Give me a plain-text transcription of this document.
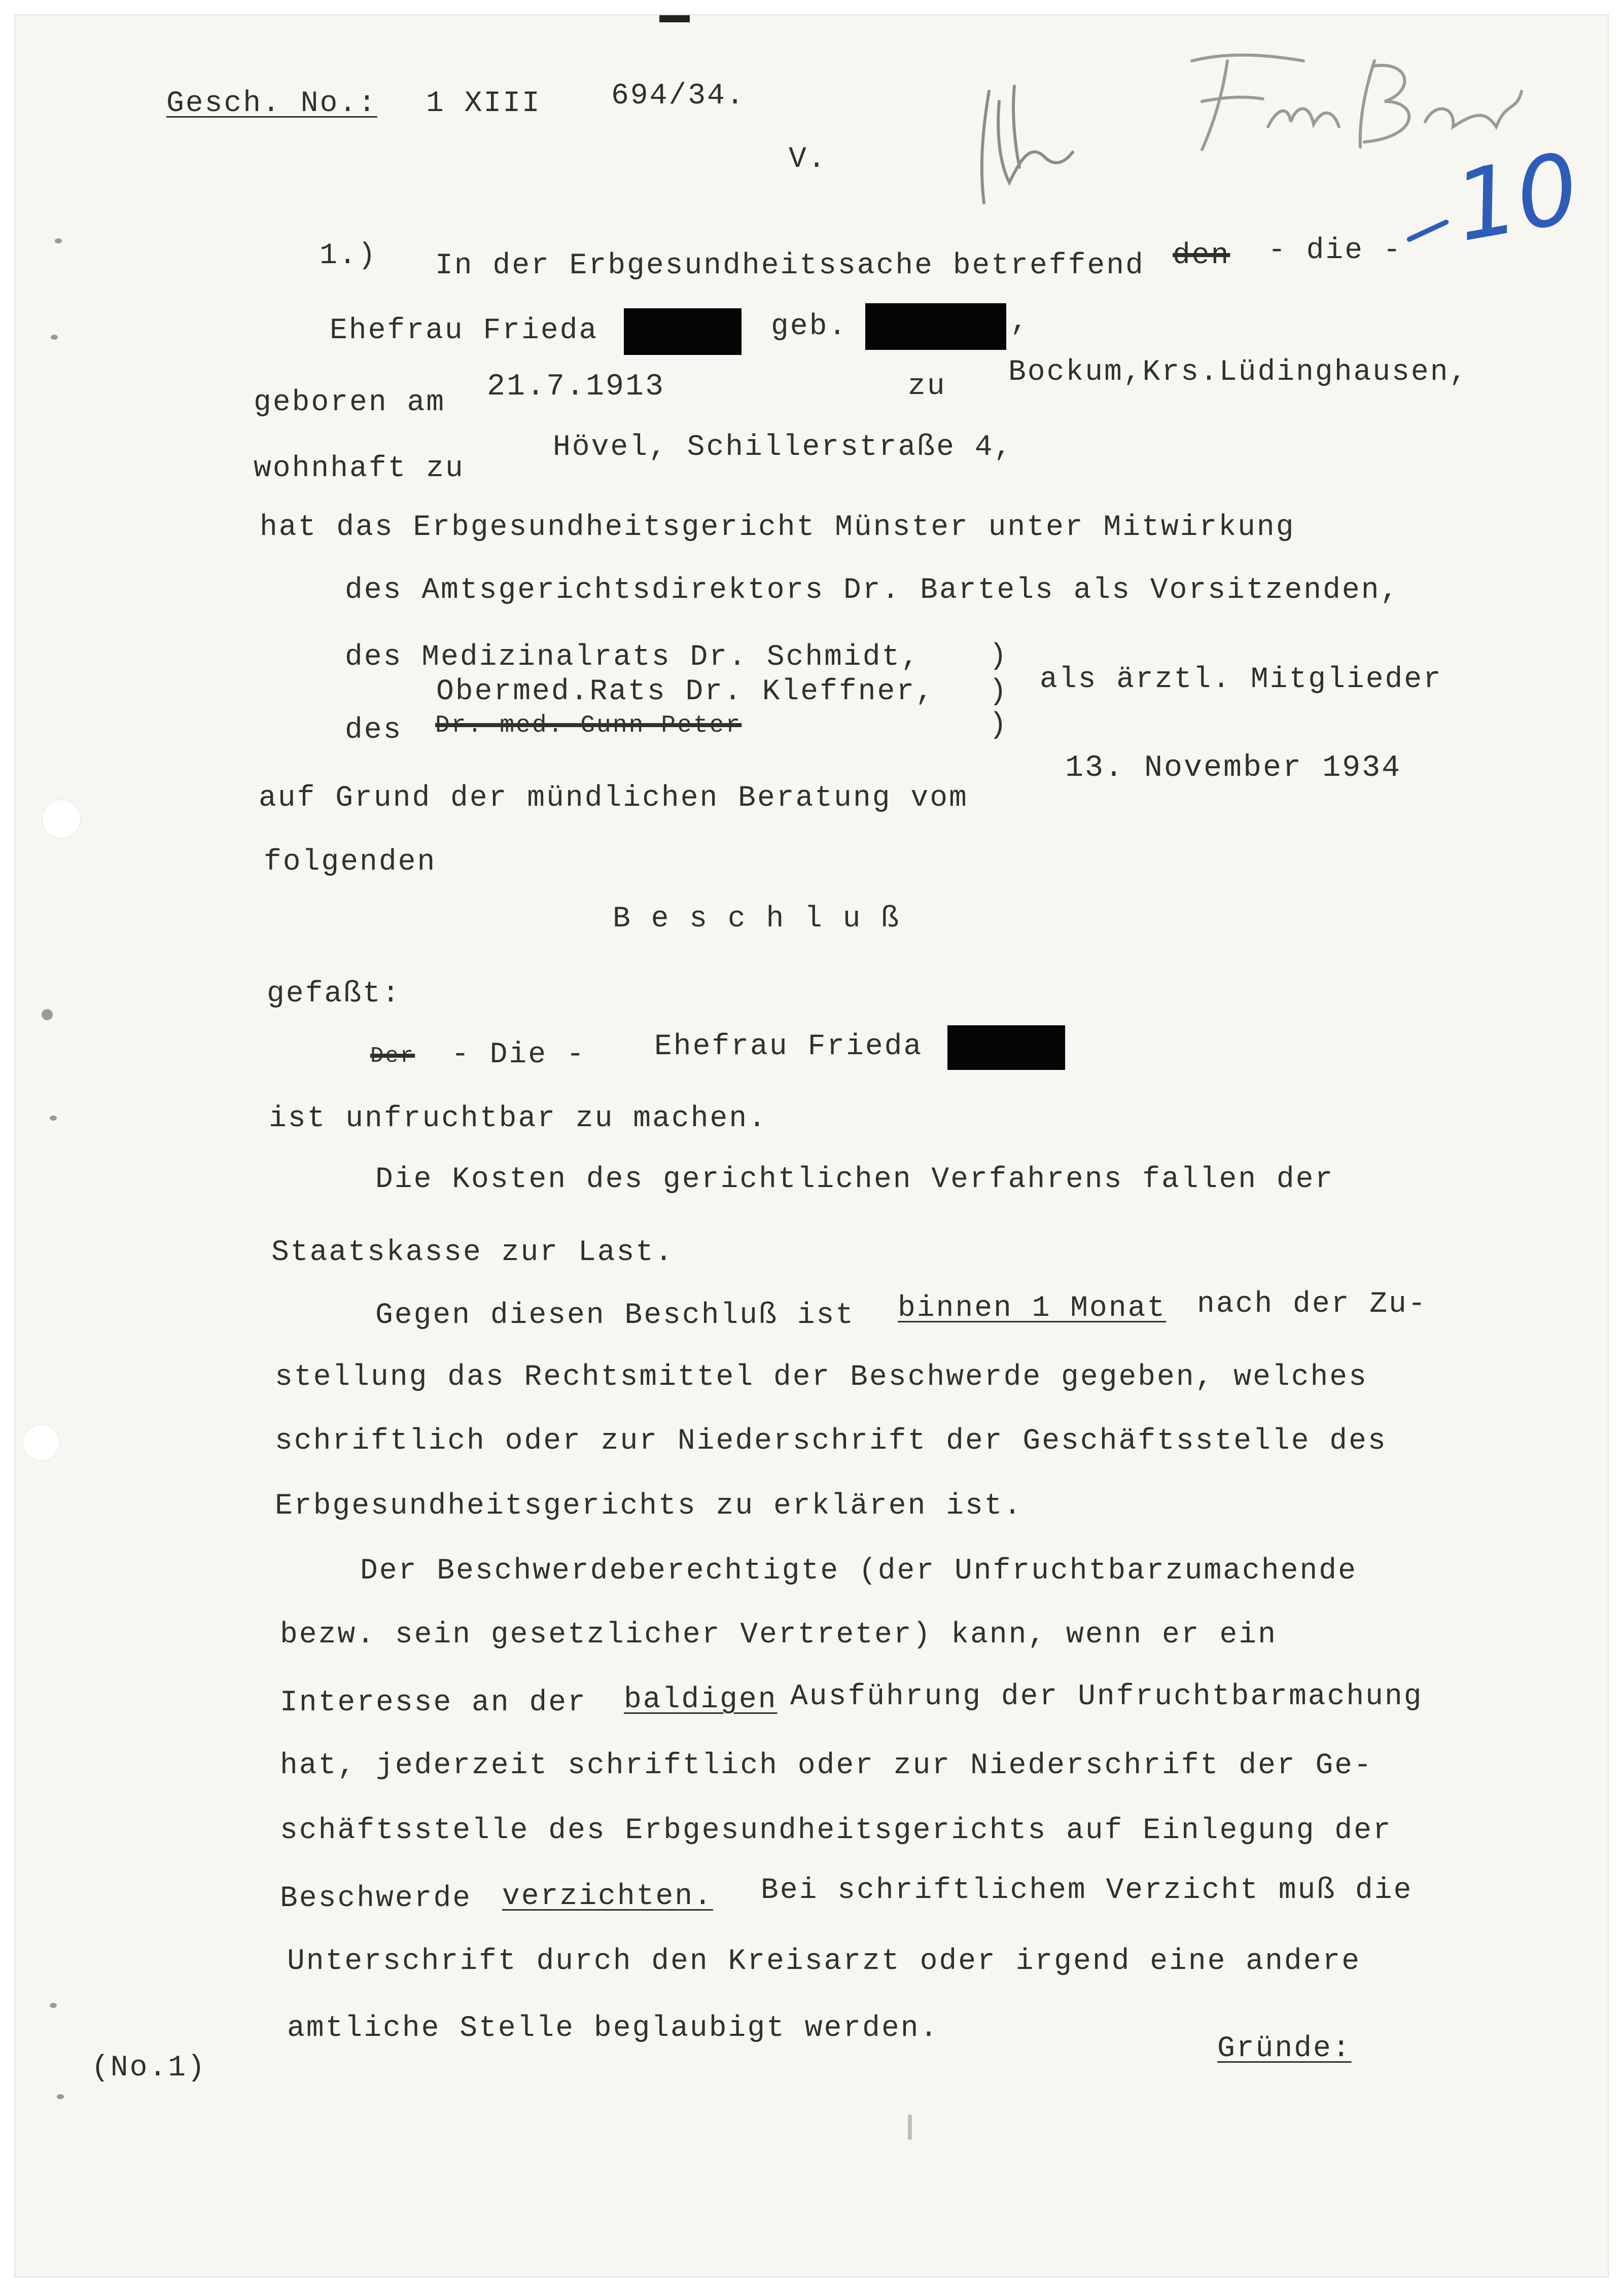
Gesch. No.: 1 XIII 694/34.
V.	10
1.) In der Erbgesundheitssache betreffend den - die -
Ehefrau Frieda	geb.	,
geboren am 21.7.1913	zu Bockum,Krs.Lüdinghausen,
wohnhaft zu
Hövel, Schillerstraße 4,
hat das Erbgesundheitsgericht Münster unter Mitwirkung
des Amtsgerichtsdirektors Dr. Bartels als Vorsitzenden,
des Medizinalrats Dr. Schmidt,
Obermed.Rats Dr. Kleffner,
des Dr. med. Gunn Peter
)
)
)
als ärztl. Mitglieder
auf Grund der mündlichen Beratung vom
13. November 1934
folgenden
B e s c h l u ß
gefaßt:
Der - Die - Ehefrau Frieda
ist unfruchtbar zu machen.
Die Kosten des gerichtlichen Verfahrens fallen der
Staatskasse zur Last.
Gegen diesen Beschluß ist binnen 1 Monat nach der Zu-
stellung das Rechtsmittel der Beschwerde gegeben, welches
schriftlich oder zur Niederschrift der Geschäftsstelle des
Erbgesundheitsgerichts zu erklären ist.
Der Beschwerdeberechtigte (der Unfruchtbarzumachende
bezw. sein gesetzlicher Vertreter) kann, wenn er ein
Interesse an der baldigen Ausführung der Unfruchtbarmachung
hat, jederzeit schriftlich oder zur Niederschrift der Ge-
schäftsstelle des Erbgesundheitsgerichts auf Einlegung der
Beschwerde verzichten. Bei schriftlichem Verzicht muß die
Unterschrift durch den Kreisarzt oder irgend eine andere
amtliche Stelle beglaubigt werden.
Gründe:
(No.1)
